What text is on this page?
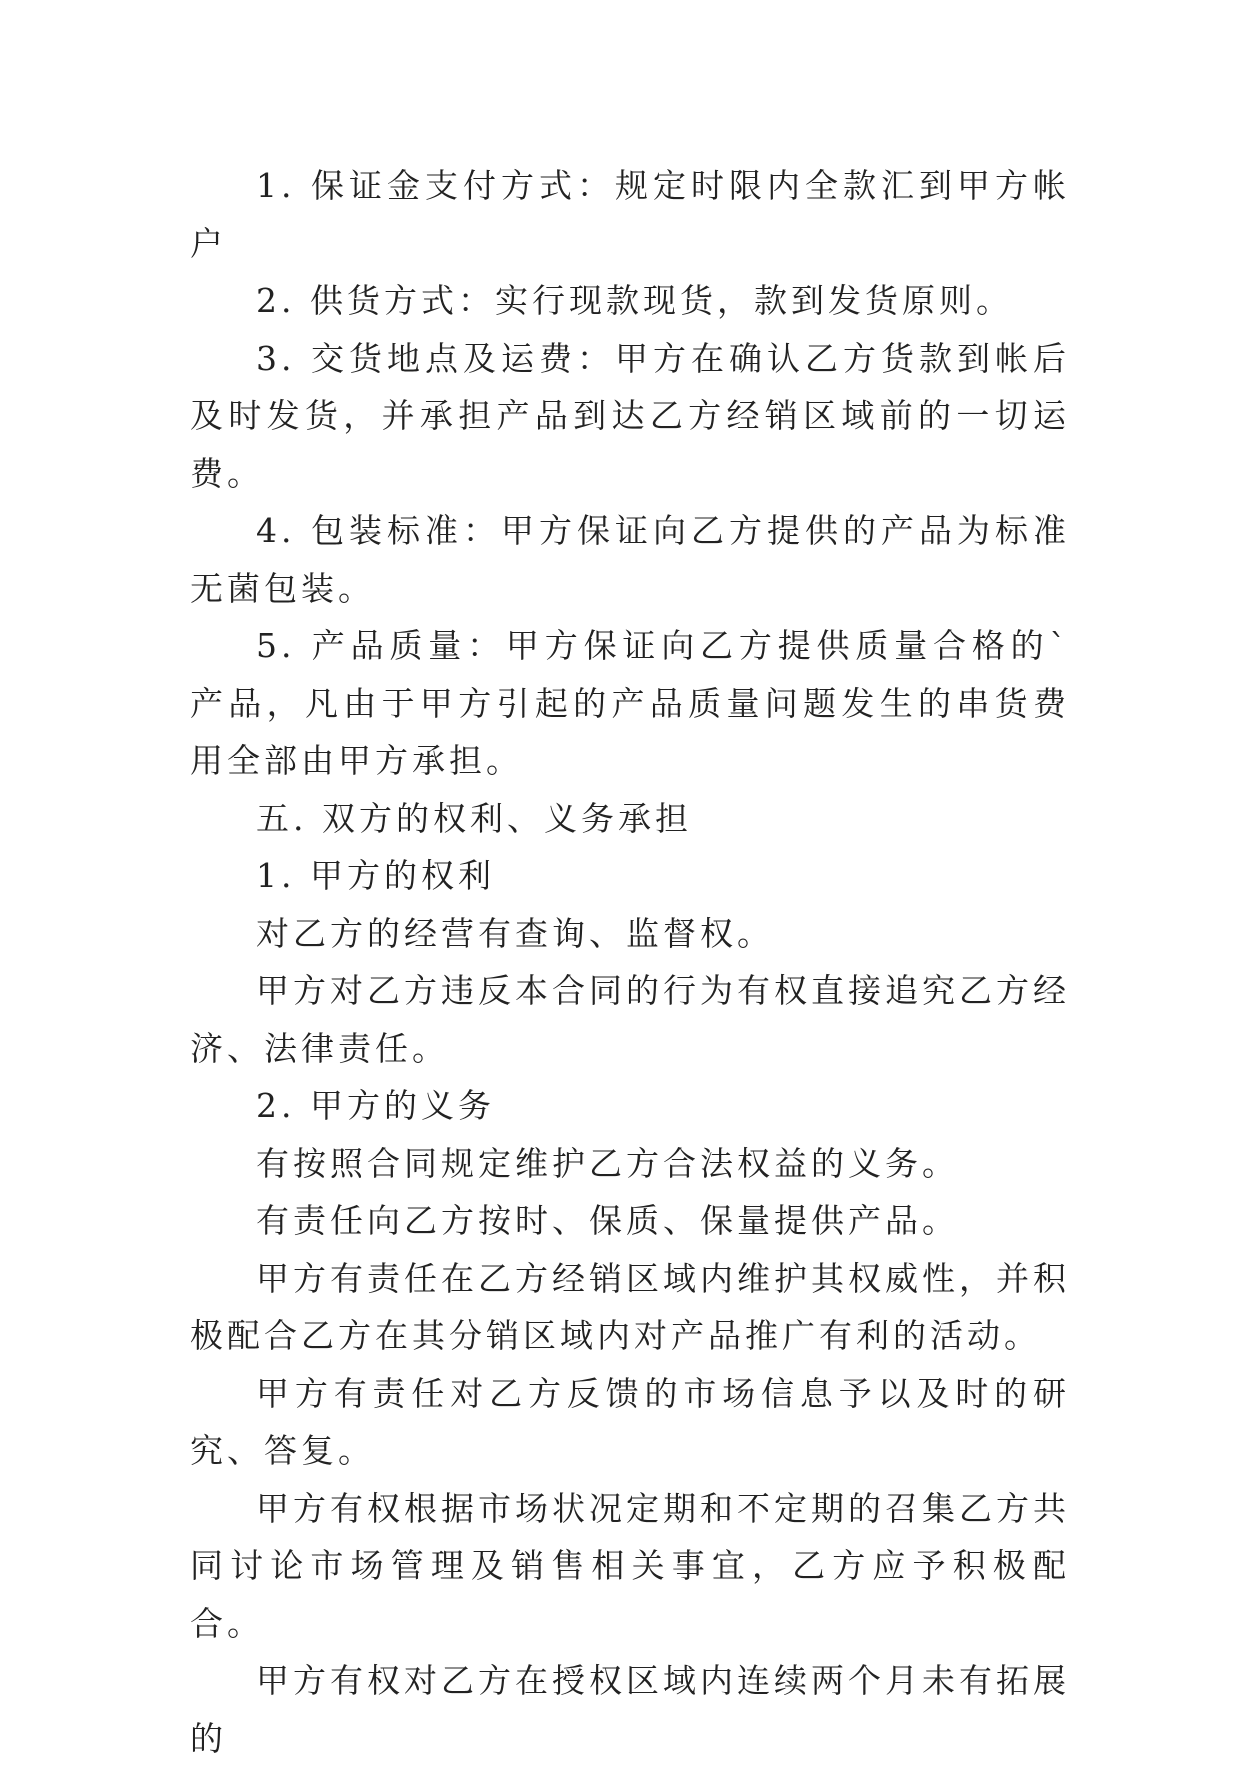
1. 保证金支付方式：规定时限内全款汇到甲方帐户

2. 供货方式：实行现款现货，款到发货原则。

3. 交货地点及运费：甲方在确认乙方货款到帐后及时发货，并承担产品到达乙方经销区域前的一切运费。

4. 包装标准：甲方保证向乙方提供的产品为标准无菌包装。

5. 产品质量：甲方保证向乙方提供质量合格的`产品，凡由于甲方引起的产品质量问题发生的串货费用全部由甲方承担。

五. 双方的权利、义务承担

1. 甲方的权利

对乙方的经营有查询、监督权。

甲方对乙方违反本合同的行为有权直接追究乙方经济、法律责任。

2. 甲方的义务

有按照合同规定维护乙方合法权益的义务。

有责任向乙方按时、保质、保量提供产品。

甲方有责任在乙方经销区域内维护其权威性，并积极配合乙方在其分销区域内对产品推广有利的活动。

甲方有责任对乙方反馈的市场信息予以及时的研究、答复。

甲方有权根据市场状况定期和不定期的召集乙方共同讨论市场管理及销售相关事宜，乙方应予积极配合。

甲方有权对乙方在授权区域内连续两个月未有拓展的
